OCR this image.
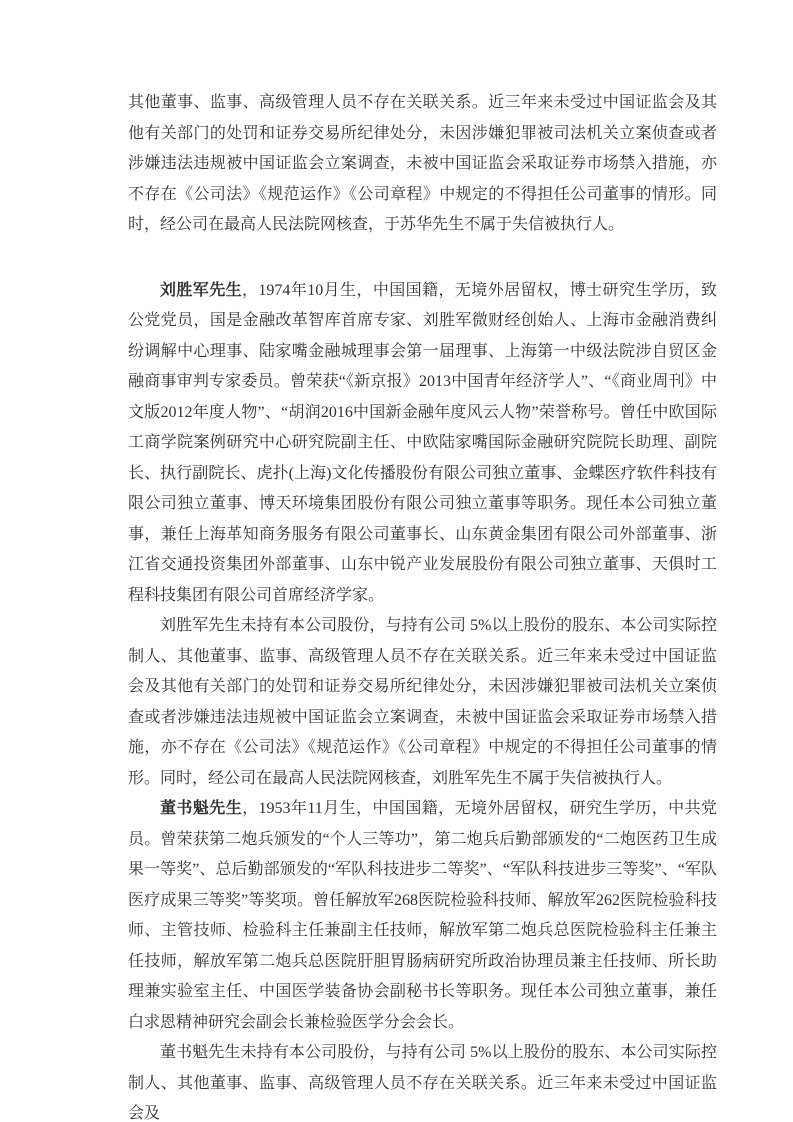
其他董事、监事、高级管理人员不存在关联关系。近三年来未受过中国证监会及其他有关部门的处罚和证券交易所纪律处分，未因涉嫌犯罪被司法机关立案侦查或者涉嫌违法违规被中国证监会立案调查，未被中国证监会采取证券市场禁入措施，亦不存在《公司法》《规范运作》《公司章程》中规定的不得担任公司董事的情形。同时，经公司在最高人民法院网核查，于苏华先生不属于失信被执行人。

刘胜军先生，1974年10月生，中国国籍，无境外居留权，博士研究生学历，致公党党员，国是金融改革智库首席专家、刘胜军微财经创始人、上海市金融消费纠纷调解中心理事、陆家嘴金融城理事会第一届理事、上海第一中级法院涉自贸区金融商事审判专家委员。曾荣获“《新京报》2013中国青年经济学人”、“《商业周刊》中文版2012年度人物”、“胡润2016中国新金融年度风云人物”荣誉称号。曾任中欧国际工商学院案例研究中心研究院副主任、中欧陆家嘴国际金融研究院院长助理、副院长、执行副院长、虎扑(上海)文化传播股份有限公司独立董事、金蝶医疗软件科技有限公司独立董事、博天环境集团股份有限公司独立董事等职务。现任本公司独立董事，兼任上海革知商务服务有限公司董事长、山东黄金集团有限公司外部董事、浙江省交通投资集团外部董事、山东中锐产业发展股份有限公司独立董事、天俱时工程科技集团有限公司首席经济学家。

刘胜军先生未持有本公司股份，与持有公司 5%以上股份的股东、本公司实际控制人、其他董事、监事、高级管理人员不存在关联关系。近三年来未受过中国证监会及其他有关部门的处罚和证券交易所纪律处分，未因涉嫌犯罪被司法机关立案侦查或者涉嫌违法违规被中国证监会立案调查，未被中国证监会采取证券市场禁入措施，亦不存在《公司法》《规范运作》《公司章程》中规定的不得担任公司董事的情形。同时，经公司在最高人民法院网核查，刘胜军先生不属于失信被执行人。

董书魁先生，1953年11月生，中国国籍，无境外居留权，研究生学历，中共党员。曾荣获第二炮兵颁发的“个人三等功”，第二炮兵后勤部颁发的“二炮医药卫生成果一等奖”、总后勤部颁发的“军队科技进步二等奖”、“军队科技进步三等奖”、“军队医疗成果三等奖”等奖项。曾任解放军268医院检验科技师、解放军262医院检验科技师、主管技师、检验科主任兼副主任技师，解放军第二炮兵总医院检验科主任兼主任技师，解放军第二炮兵总医院肝胆胃肠病研究所政治协理员兼主任技师、所长助理兼实验室主任、中国医学装备协会副秘书长等职务。现任本公司独立董事，兼任白求恩精神研究会副会长兼检验医学分会会长。

董书魁先生未持有本公司股份，与持有公司 5%以上股份的股东、本公司实际控制人、其他董事、监事、高级管理人员不存在关联关系。近三年来未受过中国证监会及
